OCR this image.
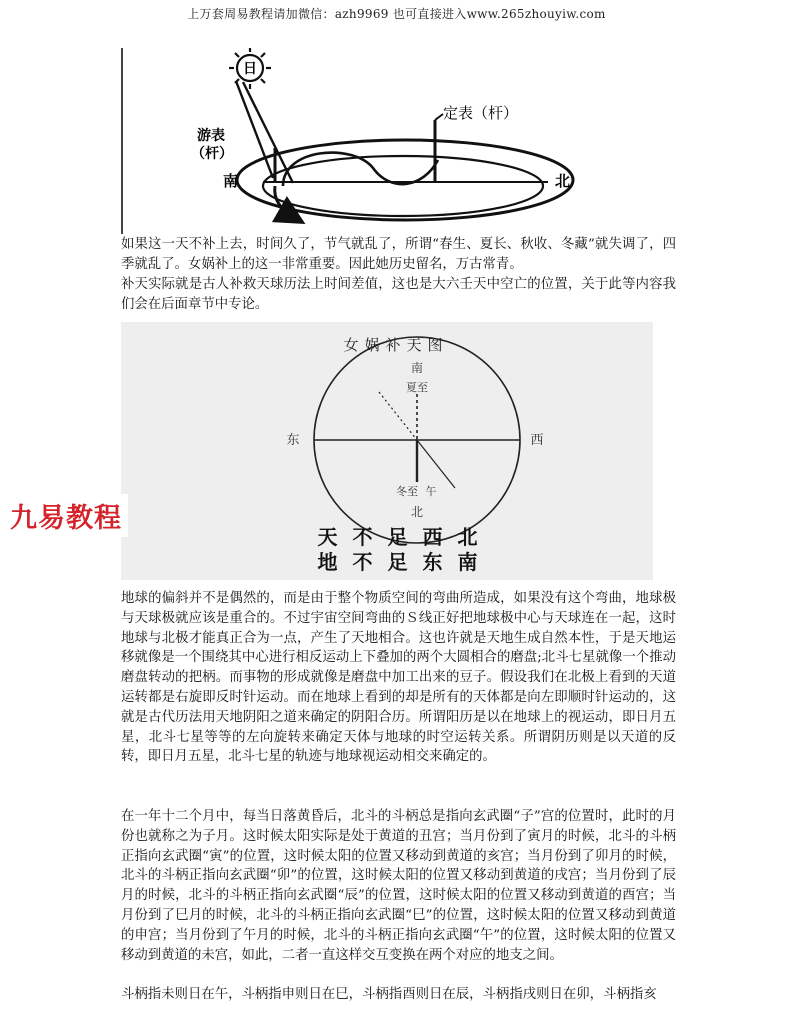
上万套周易教程请加微信：azh9969 也可直接进入www.265zhouyiw.com
日
定表（杆）
游表
（杆）
南	北

如果这一天不补上去，时间久了，节气就乱了，所谓“春生、夏长、秋收、冬藏”就失调了，四季就乱了。女娲补上的这一非常重要。因此她历史留名，万古常青。

补天实际就是古人补救天球历法上时间差值，这也是大六壬天中空亡的位置，关于此等内容我们会在后面章节中专论。

女娲补天图
南
夏至
东	西
冬至 午
北
天不足西北
地不足东南
九易教程

地球的偏斜并不是偶然的，而是由于整个物质空间的弯曲所造成，如果没有这个弯曲，地球极与天球极就应该是重合的。不过宇宙空间弯曲的Ｓ线正好把地球极中心与天球连在一起，这时地球与北极才能真正合为一点，产生了天地相合。这也许就是天地生成自然本性，于是天地运移就像是一个围绕其中心进行相反运动上下叠加的两个大圆相合的磨盘;北斗七星就像一个推动磨盘转动的把柄。而事物的形成就像是磨盘中加工出来的豆子。假设我们在北极上看到的天道运转都是右旋即反时针运动。而在地球上看到的却是所有的天体都是向左即顺时针运动的，这就是古代历法用天地阴阳之道来确定的阴阳合历。所谓阳历是以在地球上的视运动，即日月五星，北斗七星等等的左向旋转来确定天体与地球的时空运转关系。所谓阴历则是以天道的反转，即日月五星，北斗七星的轨迹与地球视运动相交来确定的。

在一年十二个月中，每当日落黄昏后，北斗的斗柄总是指向玄武圈“子”宫的位置时，此时的月份也就称之为子月。这时候太阳实际是处于黄道的丑宫；当月份到了寅月的时候，北斗的斗柄正指向玄武圈“寅”的位置，这时候太阳的位置又移动到黄道的亥宫；当月份到了卯月的时候，北斗的斗柄正指向玄武圈“卯”的位置，这时候太阳的位置又移动到黄道的戌宫；当月份到了辰月的时候，北斗的斗柄正指向玄武圈“辰”的位置，这时候太阳的位置又移动到黄道的酉宫；当月份到了巳月的时候，北斗的斗柄正指向玄武圈“巳”的位置，这时候太阳的位置又移动到黄道的申宫；当月份到了午月的时候，北斗的斗柄正指向玄武圈“午”的位置，这时候太阳的位置又移动到黄道的未宫，如此，二者一直这样交互变换在两个对应的地支之间。

斗柄指未则日在午，斗柄指申则日在巳，斗柄指酉则日在辰，斗柄指戌则日在卯，斗柄指亥
